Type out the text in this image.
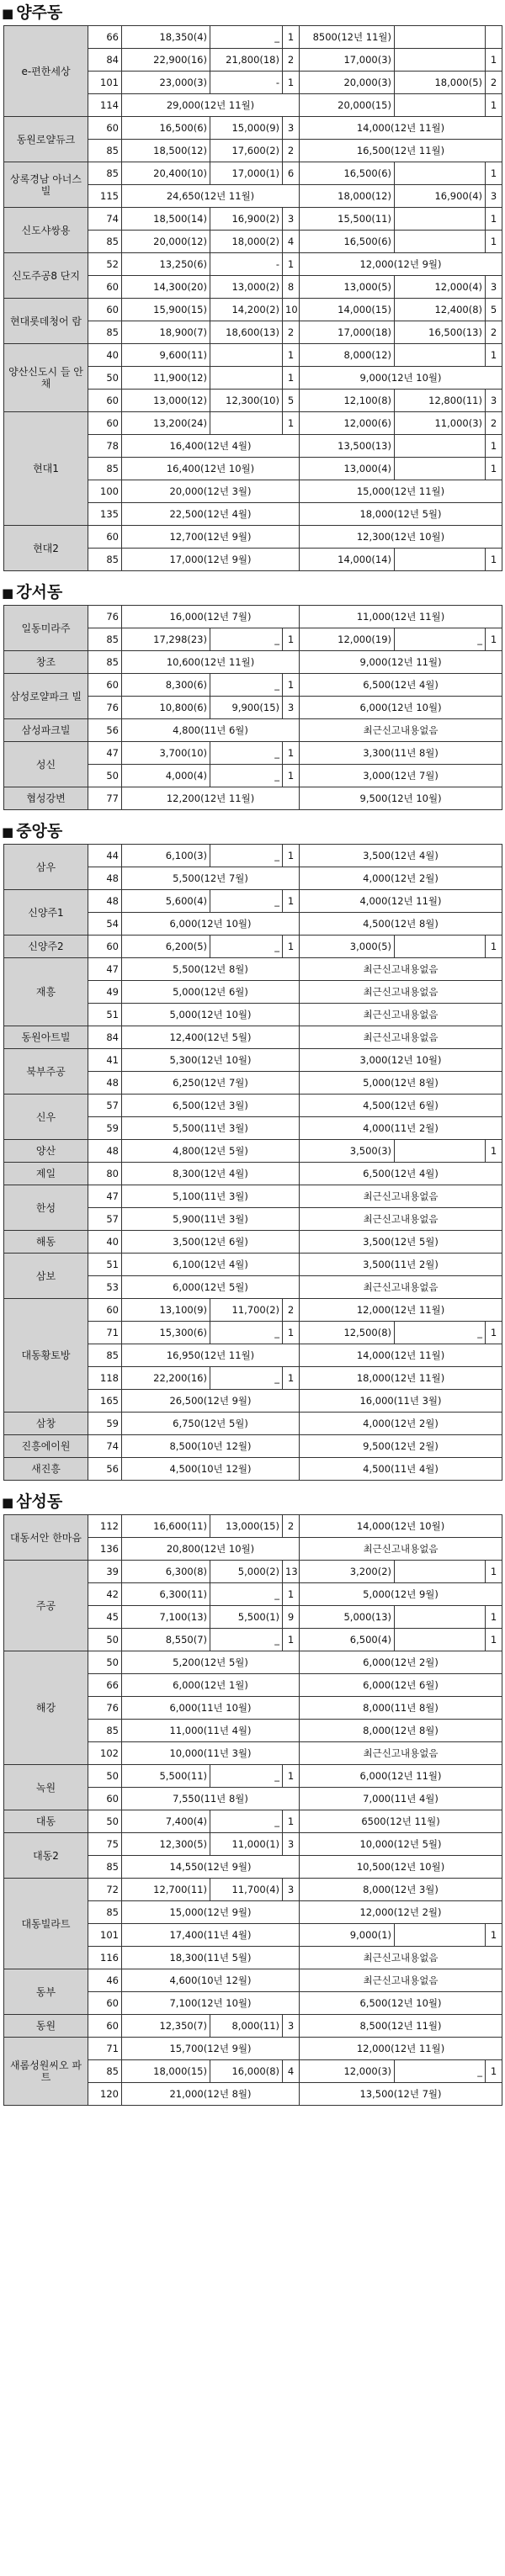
■ 양주동
e-편한세상	66	18,350(4)	_	1	8500(12년 11월)		
	84	22,900(16)	21,800(18)	2	17,000(3)		1
	101	23,000(3)	-	1	20,000(3)	18,000(5)	2
	114	29,000(12년 11월)			20,000(15)		1
동원로얄듀크	60	16,500(6)	15,000(9)	3	14,000(12년 11월)		
	85	18,500(12)	17,600(2)	2	16,500(12년 11월)		
상록경남 아너스빌	85	20,400(10)	17,000(1)	6	16,500(6)		1
	115	24,650(12년 11월)			18,000(12)	16,900(4)	3
신도샤쌍용	74	18,500(14)	16,900(2)	3	15,500(11)		1
	85	20,000(12)	18,000(2)	4	16,500(6)		1
신도주공8 단지	52	13,250(6)	-	1	12,000(12년 9월)		
	60	14,300(20)	13,000(2)	8	13,000(5)	12,000(4)	3
현대롯데청어 람	60	15,900(15)	14,200(2)	10	14,000(15)	12,400(8)	5
	85	18,900(7)	18,600(13)	2	17,000(18)	16,500(13)	2
양산신도시 들 안채	40	9,600(11)		1	8,000(12)		1
	50	11,900(12)		1	9,000(12년 10월)		
	60	13,000(12)	12,300(10)	5	12,100(8)	12,800(11)	3
현대1	60	13,200(24)		1	12,000(6)	11,000(3)	2
	78	16,400(12년 4월)			13,500(13)		1
	85	16,400(12년 10월)			13,000(4)		1
	100	20,000(12년 3월)			15,000(12년 11월)		
	135	22,500(12년 4월)			18,000(12년 5월)		
현대2	60	12,700(12년 9월)			12,300(12년 10월)		
	85	17,000(12년 9월)			14,000(14)		1
■ 강서동
일동미라주	76	16,000(12년 7월)			11,000(12년 11월)		
	85	17,298(23)	_	1	12,000(19)	_	1
창조	85	10,600(12년 11월)			9,000(12년 11월)		
삼성로얄파크 빌	60	8,300(6)	_	1	6,500(12년 4월)		
	76	10,800(6)	9,900(15)	3	6,000(12년 10월)		
삼성파크빌	56	4,800(11년 6월)			최근신고내용없음		
성신	47	3,700(10)	_	1	3,300(11년 8월)		
	50	4,000(4)	_	1	3,000(12년 7월)		
협성강변	77	12,200(12년 11월)			9,500(12년 10월)		
■ 중앙동
삼우	44	6,100(3)	_	1	3,500(12년 4월)		
	48	5,500(12년 7월)			4,000(12년 2월)		
신양주1	48	5,600(4)	_	1	4,000(12년 11월)		
	54	6,000(12년 10월)			4,500(12년 8월)		
신양주2	60	6,200(5)	_	1	3,000(5)		1
재흥	47	5,500(12년 8월)			최근신고내용없음		
	49	5,000(12년 6월)			최근신고내용없음		
	51	5,000(12년 10월)			최근신고내용없음		
동원아트빌	84	12,400(12년 5월)			최근신고내용없음		
북부주공	41	5,300(12년 10월)			3,000(12년 10월)		
	48	6,250(12년 7월)			5,000(12년 8월)		
신우	57	6,500(12년 3월)			4,500(12년 6월)		
	59	5,500(11년 3월)			4,000(11년 2월)		
양산	48	4,800(12년 5월)			3,500(3)		1
제일	80	8,300(12년 4월)			6,500(12년 4월)		
한성	47	5,100(11년 3월)			최근신고내용없음		
	57	5,900(11년 3월)			최근신고내용없음		
해동	40	3,500(12년 6월)			3,500(12년 5월)		
삼보	51	6,100(12년 4월)			3,500(11년 2월)		
	53	6,000(12년 5월)			최근신고내용없음		
대동황토방	60	13,100(9)	11,700(2)	2	12,000(12년 11월)		
	71	15,300(6)	_	1	12,500(8)	_	1
	85	16,950(12년 11월)			14,000(12년 11월)		
	118	22,200(16)	_	1	18,000(12년 11월)		
	165	26,500(12년 9월)			16,000(11년 3월)		
삼창	59	6,750(12년 5월)			4,000(12년 2월)		
진흥에이원	74	8,500(10년 12월)			9,500(12년 2월)		
새진흥	56	4,500(10년 12월)			4,500(11년 4월)		
■ 삼성동
대동서안 한마음	112	16,600(11)	13,000(15)	2	14,000(12년 10월)		
	136	20,800(12년 10월)			최근신고내용없음		
주공	39	6,300(8)	5,000(2)	13	3,200(2)		1
	42	6,300(11)	_	1	5,000(12년 9월)		
	45	7,100(13)	5,500(1)	9	5,000(13)		1
	50	8,550(7)	_	1	6,500(4)		1
해강	50	5,200(12년 5월)			6,000(12년 2월)		
	66	6,000(12년 1월)			6,000(12년 6월)		
	76	6,000(11년 10월)			8,000(11년 8월)		
	85	11,000(11년 4월)			8,000(12년 8월)		
	102	10,000(11년 3월)			최근신고내용없음		
녹원	50	5,500(11)	_	1	6,000(12년 11월)		
	60	7,550(11년 8월)			7,000(11년 4월)		
대동	50	7,400(4)	_	1	6500(12년 11월)		
대동2	75	12,300(5)	11,000(1)	3	10,000(12년 5월)		
	85	14,550(12년 9월)			10,500(12년 10월)		
대동빌라트	72	12,700(11)	11,700(4)	3	8,000(12년 3월)		
	85	15,000(12년 9월)			12,000(12년 2월)		
	101	17,400(11년 4월)			9,000(1)		1
	116	18,300(11년 5월)			최근신고내용없음		
동부	46	4,600(10년 12월)			최근신고내용없음		
	60	7,100(12년 10월)			6,500(12년 10월)		
동원	60	12,350(7)	8,000(11)	3	8,500(12년 11월)		
새롬성원씨오 파트	71	15,700(12년 9월)			12,000(12년 11월)		
	85	18,000(15)	16,000(8)	4	12,000(3)	_	1
	120	21,000(12년 8월)			13,500(12년 7월)		
